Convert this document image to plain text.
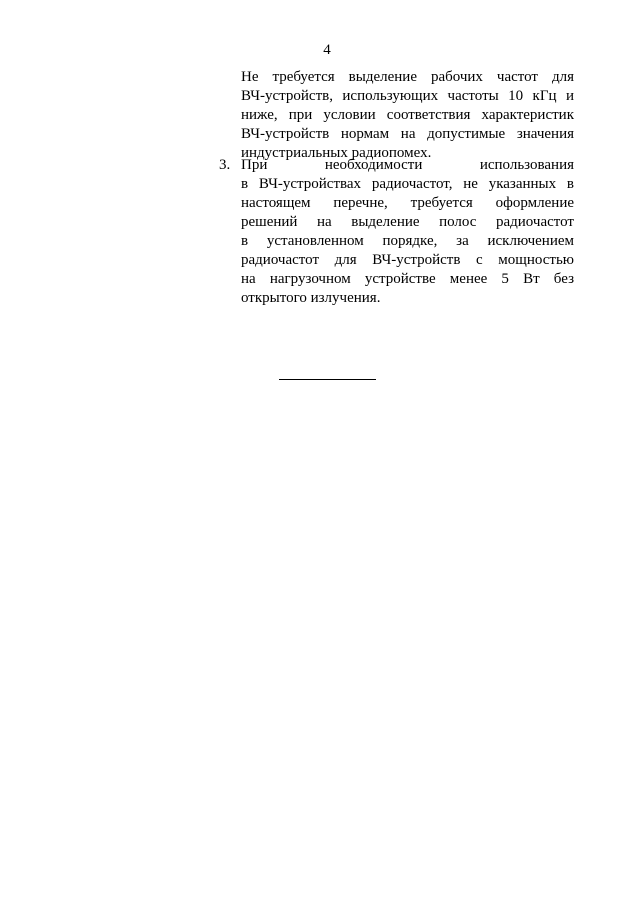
4
Не требуется выделение рабочих частот для
ВЧ-устройств, использующих частоты 10 кГц и
ниже, при условии соответствия характеристик
ВЧ-устройств нормам на допустимые значения
индустриальных радиопомех.
3. При необходимости использования
в ВЧ-устройствах радиочастот, не указанных в
настоящем перечне, требуется оформление
решений на выделение полос радиочастот
в установленном порядке, за исключением
радиочастот для ВЧ-устройств с мощностью
на нагрузочном устройстве менее 5 Вт без
открытого излучения.
